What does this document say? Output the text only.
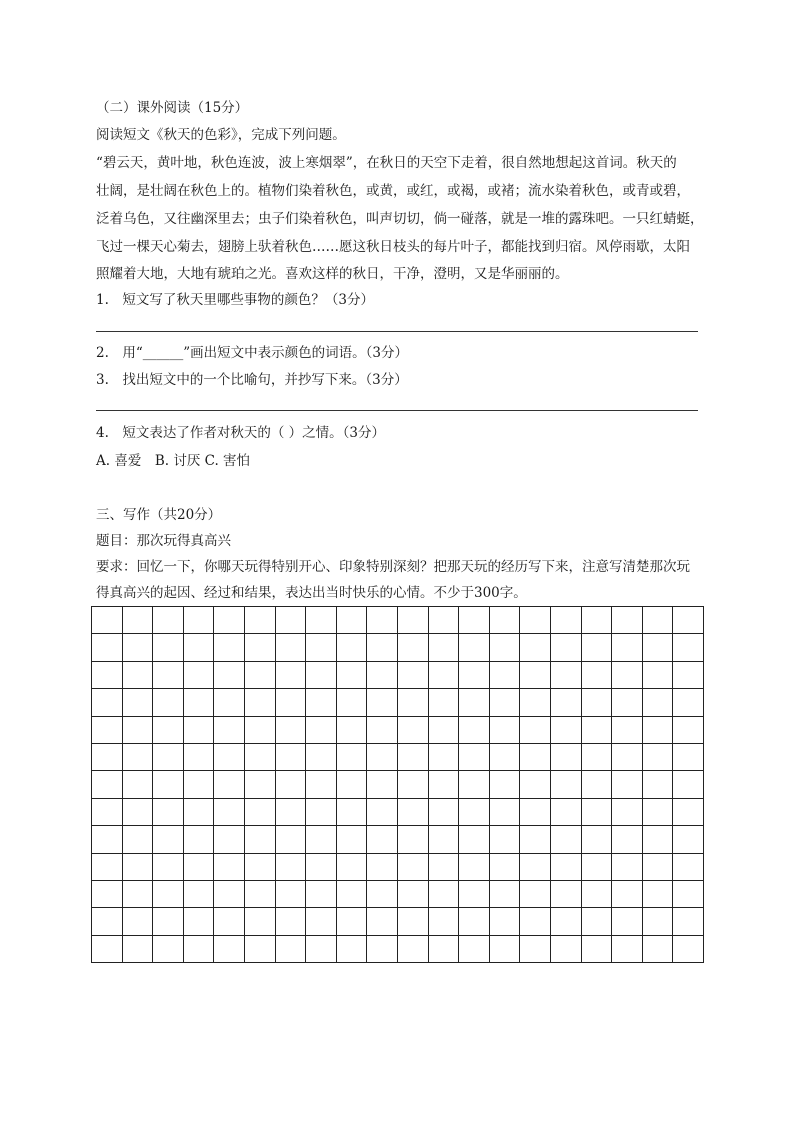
（二）课外阅读（15分）
阅读短文《秋天的色彩》，完成下列问题。
“碧云天，黄叶地，秋色连波，波上寒烟翠”，在秋日的天空下走着，很自然地想起这首词。秋天的
壮阔，是壮阔在秋色上的。植物们染着秋色，或黄，或红，或褐，或褚；流水染着秋色，或青或碧，
泛着乌色，又往幽深里去；虫子们染着秋色，叫声切切，倘一碰落，就是一堆的露珠吧。一只红蜻蜓，
飞过一棵天心菊去，翅膀上驮着秋色……愿这秋日枝头的每片叶子，都能找到归宿。风停雨歇，太阳
照耀着大地，大地有琥珀之光。喜欢这样的秋日，干净，澄明，又是华丽丽的。
1.　短文写了秋天里哪些事物的颜色？（3分）
2.　用“______”画出短文中表示颜色的词语。（3分）
3.　找出短文中的一个比喻句，并抄写下来。（3分）
4.　短文表达了作者对秋天的（ ）之情。（3分）
A. 喜爱　B. 讨厌 C. 害怕
三、写作（共20分）
题目：那次玩得真高兴
要求：回忆一下，你哪天玩得特别开心、印象特别深刻？把那天玩的经历写下来，注意写清楚那次玩
得真高兴的起因、经过和结果，表达出当时快乐的心情。不少于300字。
